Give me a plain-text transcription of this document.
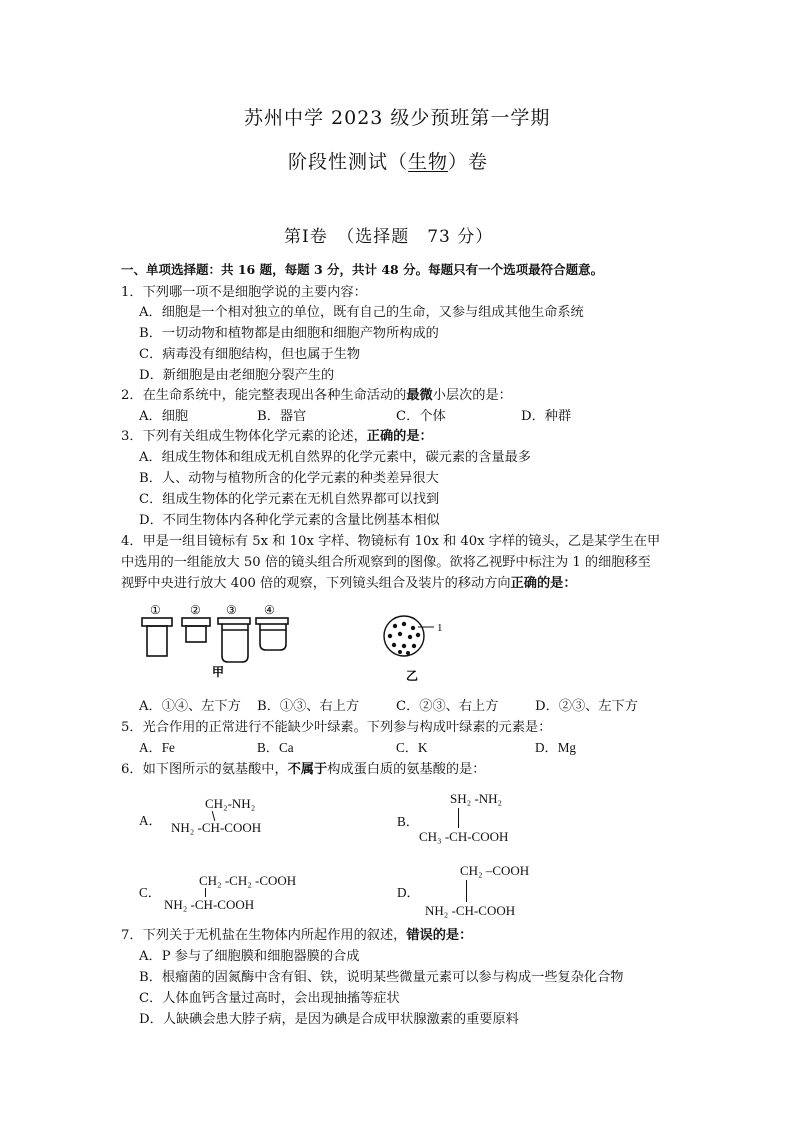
苏州中学 2023 级少预班第一学期
阶段性测试（生物）卷
第Ⅰ卷　（选择题　73 分）
一、单项选择题：共 16 题，每题 3 分，共计 48 分。每题只有一个选项最符合题意。
1．下列哪一项不是细胞学说的主要内容：
A．细胞是一个相对独立的单位，既有自己的生命，又参与组成其他生命系统
B．一切动物和植物都是由细胞和细胞产物所构成的
C．病毒没有细胞结构，但也属于生物
D．新细胞是由老细胞分裂产生的
2．在生命系统中，能完整表现出各种生命活动的最微小层次的是：
A．细胞	B．器官	C．个体	D．种群
3．下列有关组成生物体化学元素的论述，正确的是：
A．组成生物体和组成无机自然界的化学元素中，碳元素的含量最多
B．人、动物与植物所含的化学元素的种类差异很大
C．组成生物体的化学元素在无机自然界都可以找到
D．不同生物体内各种化学元素的含量比例基本相似
4．甲是一组目镜标有 5x 和 10x 字样、物镜标有 10x 和 40x 字样的镜头，乙是某学生在甲
中选用的一组能放大 50 倍的镜头组合所观察到的图像。欲将乙视野中标注为 1 的细胞移至
视野中央进行放大 400 倍的观察，下列镜头组合及装片的移动方向正确的是：
① ② ③ ④
甲
1
乙
A．①④、左下方 B．①③、右上方	C．②③、右上方	D．②③、左下方
5．光合作用的正常进行不能缺少叶绿素。下列参与构成叶绿素的元素是：
A．Fe	B．Ca	C．K	D．Mg
6．如下图所示的氨基酸中，不属于构成蛋白质的氨基酸的是：
A．
CH₂-NH₂
NH₂ -CH-COOH	B．
SH₂ -NH₂
CH₃ -CH-COOH
C．
CH₂ -CH₂ -COOH
NH₂ -CH-COOH
D．
CH₂ –COOH
NH₂ -CH-COOH
7．下列关于无机盐在生物体内所起作用的叙述，错误的是：
A．P 参与了细胞膜和细胞器膜的合成
B．根瘤菌的固氮酶中含有钼、铁，说明某些微量元素可以参与构成一些复杂化合物
C．人体血钙含量过高时，会出现抽搐等症状
D．人缺碘会患大脖子病，是因为碘是合成甲状腺激素的重要原料
